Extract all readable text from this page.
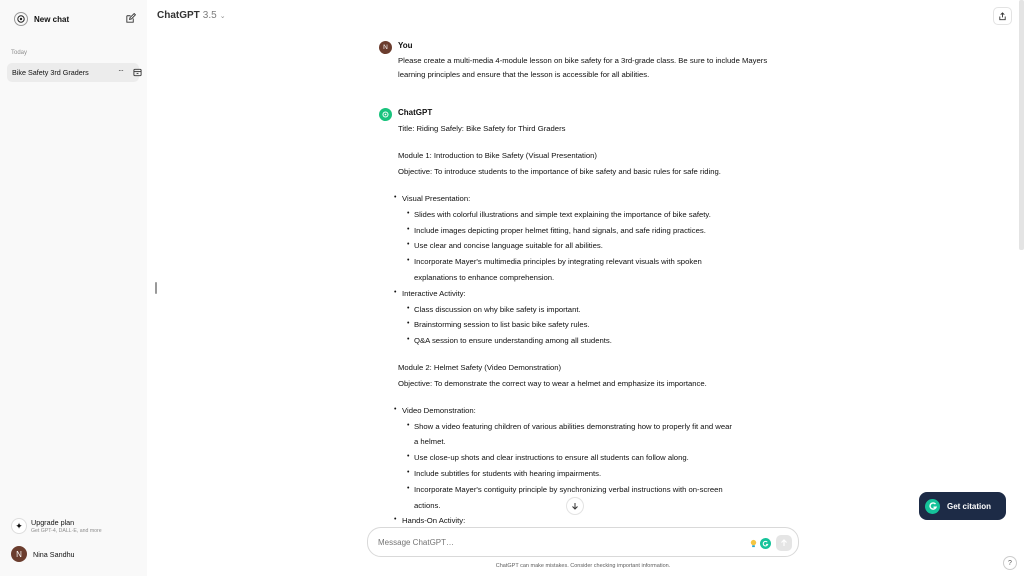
New chat
Today
Bike Safety 3rd Graders	···
✦	Upgrade plan
Get GPT-4, DALL·E, and more
N	Nina Sandhu
ChatGPT 3.5 ⌄
N	You
Please create a multi-media 4-module lesson on bike safety for a 3rd-grade class. Be sure to include Mayers learning principles and ensure that the lesson is accessible for all abilities.
ChatGPT
Title: Riding Safely: Bike Safety for Third Graders
Module 1: Introduction to Bike Safety (Visual Presentation)
Objective: To introduce students to the importance of bike safety and basic rules for safe riding.
• Visual Presentation:
• Slides with colorful illustrations and simple text explaining the importance of bike safety.
• Include images depicting proper helmet fitting, hand signals, and safe riding practices.
• Use clear and concise language suitable for all abilities.
• Incorporate Mayer's multimedia principles by integrating relevant visuals with spoken
explanations to enhance comprehension.
• Interactive Activity:
• Class discussion on why bike safety is important.
• Brainstorming session to list basic bike safety rules.
• Q&A session to ensure understanding among all students.
Module 2: Helmet Safety (Video Demonstration)
Objective: To demonstrate the correct way to wear a helmet and emphasize its importance.
• Video Demonstration:
• Show a video featuring children of various abilities demonstrating how to properly fit and wear
a helmet.
• Use close-up shots and clear instructions to ensure all students can follow along.
• Include subtitles for students with hearing impairments.
• Incorporate Mayer's contiguity principle by synchronizing verbal instructions with on-screen
actions.
• Hands-On Activity:
Message ChatGPT…
ChatGPT can make mistakes. Consider checking important information.
Get citation
?
